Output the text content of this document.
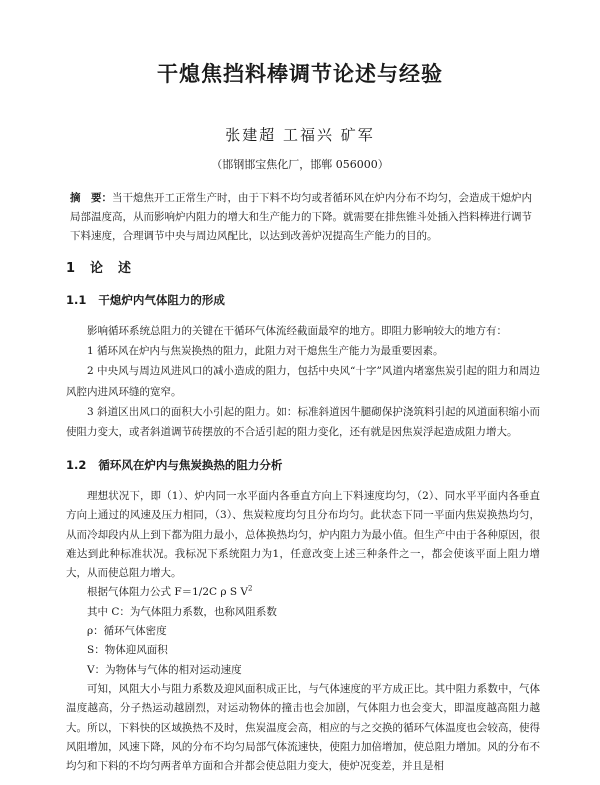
干熄焦挡料棒调节论述与经验
张建超 工福兴 矿军
（邯钢邯宝焦化厂，邯郸 056000）
摘　要：当干熄焦开工正常生产时，由于下料不均匀或者循环风在炉内分布不均匀，会造成干熄炉内局部温度高，从而影响炉内阻力的增大和生产能力的下降。就需要在排焦锥斗处插入挡料棒进行调节下料速度，合理调节中央与周边风配比，以达到改善炉况提高生产能力的目的。
1 论　述
1.1 干熄炉内气体阻力的形成

影响循环系统总阻力的关键在干循环气体流经截面最窄的地方。即阻力影响较大的地方有：

1 循环风在炉内与焦炭换热的阻力，此阻力对干熄焦生产能力为最重要因素。

2 中央风与周边风进风口的减小造成的阻力，包括中央风“十字”风道内堵塞焦炭引起的阻力和周边风腔内进风环缝的宽窄。

3 斜道区出风口的面积大小引起的阻力。如：标准斜道因牛腿砌保护浇筑料引起的风道面积缩小而使阻力变大，或者斜道调节砖摆放的不合适引起的阻力变化，还有就是因焦炭浮起造成阻力增大。

1.2 循环风在炉内与焦炭换热的阻力分析

理想状况下，即（1）、炉内同一水平面内各垂直方向上下料速度均匀，（2）、同水平平面内各垂直方向上通过的风速及压力相同，（3）、焦炭粒度均匀且分布均匀。此状态下同一平面内焦炭换热均匀，从而冷却段内从上到下都为阻力最小，总体换热均匀，炉内阻力为最小值。但生产中由于各种原因，很难达到此种标准状况。我标况下系统阻力为1，任意改变上述三种条件之一，都会使该平面上阻力增大，从而使总阻力增大。

根据气体阻力公式 F＝1/2C ρ S $V^2$
其中 C：为气体阻力系数，也称风阻系数
ρ：循环气体密度
S：物体迎风面积
V：为物体与气体的相对运动速度

可知，风阻大小与阻力系数及迎风面积成正比，与气体速度的平方成正比。其中阻力系数中，气体温度越高，分子热运动越剧烈，对运动物体的撞击也会加剧，气体阻力也会变大，即温度越高阻力越大。所以，下料快的区域换热不及时，焦炭温度会高，相应的与之交换的循环气体温度也会较高，使得风阻增加，风速下降，风的分布不均匀局部气体流速快，使阻力加倍增加，使总阻力增加。风的分布不均匀和下料的不均匀两者单方面和合并都会使总阻力变大，使炉况变差，并且是相
